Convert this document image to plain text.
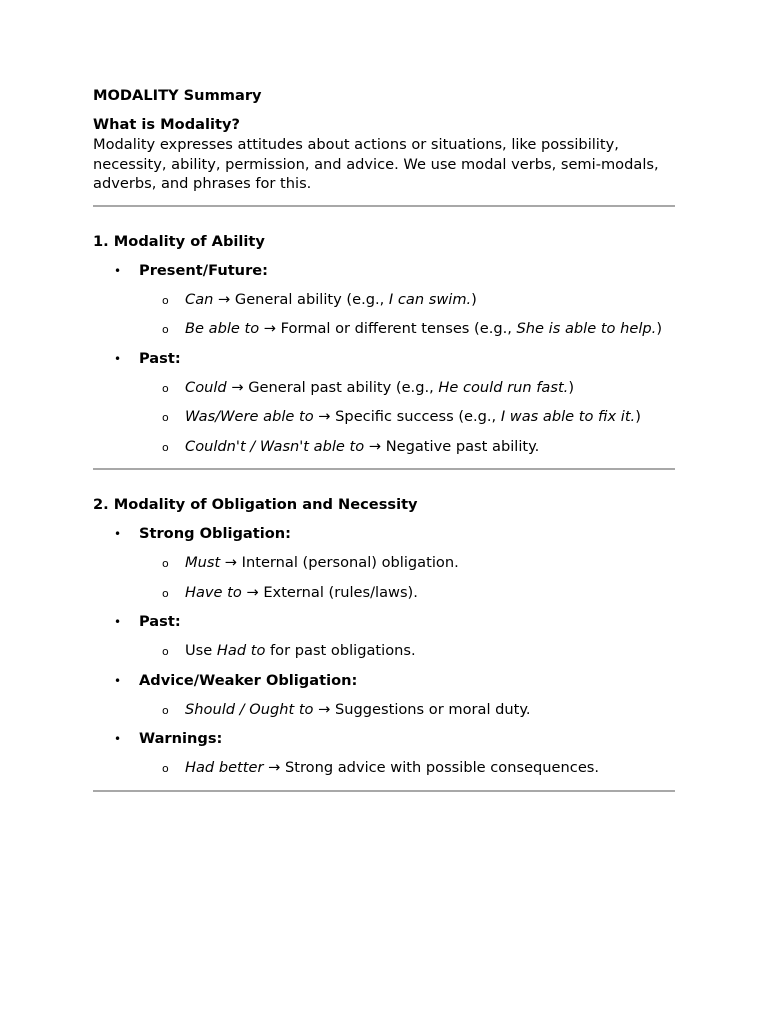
MODALITY Summary
What is Modality?
Modality expresses attitudes about actions or situations, like possibility, necessity, ability, permission, and advice. We use modal verbs, semi-modals, adverbs, and phrases for this.
1. Modality of Ability
• Present/Future:
o Can → General ability (e.g., I can swim.)
o Be able to → Formal or different tenses (e.g., She is able to help.)
• Past:
o Could → General past ability (e.g., He could run fast.)
o Was/Were able to → Specific success (e.g., I was able to fix it.)
o Couldn't / Wasn't able to → Negative past ability.
2. Modality of Obligation and Necessity
• Strong Obligation:
o Must → Internal (personal) obligation.
o Have to → External (rules/laws).
• Past:
o Use Had to for past obligations.
• Advice/Weaker Obligation:
o Should / Ought to → Suggestions or moral duty.
• Warnings:
o Had better → Strong advice with possible consequences.
